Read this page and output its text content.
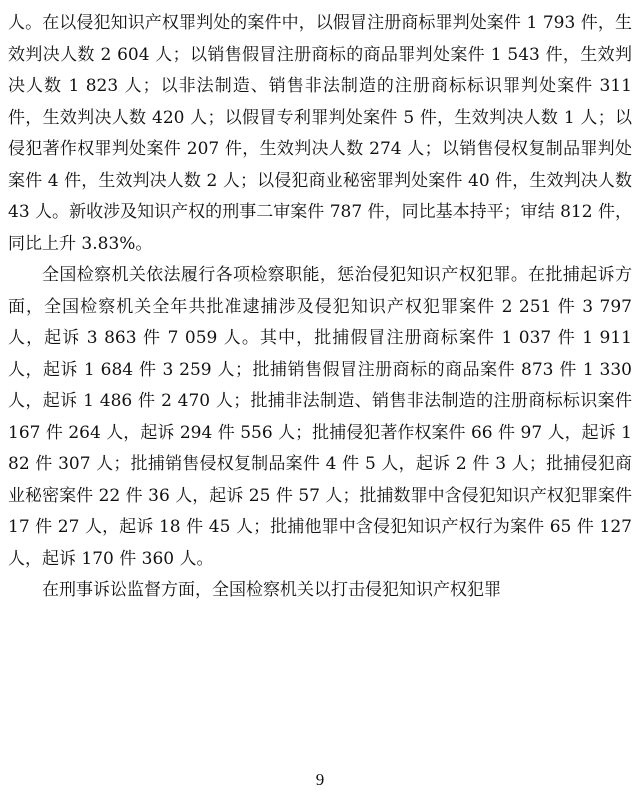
人。在以侵犯知识产权罪判处的案件中，以假冒注册商标罪判处案件 1 793 件，生效判决人数 2 604 人；以销售假冒注册商标的商品罪判处案件 1 543 件，生效判决人数 1 823 人；以非法制造、销售非法制造的注册商标标识罪判处案件 311 件，生效判决人数 420 人；以假冒专利罪判处案件 5 件，生效判决人数 1 人；以侵犯著作权罪判处案件 207 件，生效判决人数 274 人；以销售侵权复制品罪判处案件 4 件，生效判决人数 2 人；以侵犯商业秘密罪判处案件 40 件，生效判决人数 43 人。新收涉及知识产权的刑事二审案件 787 件，同比基本持平；审结 812 件，同比上升 3.83%。

全国检察机关依法履行各项检察职能，惩治侵犯知识产权犯罪。在批捕起诉方面，全国检察机关全年共批准逮捕涉及侵犯知识产权犯罪案件 2 251 件 3 797 人，起诉 3 863 件 7 059 人。其中，批捕假冒注册商标案件 1 037 件 1 911 人，起诉 1 684 件 3 259 人；批捕销售假冒注册商标的商品案件 873 件 1 330 人，起诉 1 486 件 2 470 人；批捕非法制造、销售非法制造的注册商标标识案件 167 件 264 人，起诉 294 件 556 人；批捕侵犯著作权案件 66 件 97 人，起诉 182 件 307 人；批捕销售侵权复制品案件 4 件 5 人，起诉 2 件 3 人；批捕侵犯商业秘密案件 22 件 36 人，起诉 25 件 57 人；批捕数罪中含侵犯知识产权犯罪案件 17 件 27 人，起诉 18 件 45 人；批捕他罪中含侵犯知识产权行为案件 65 件 127 人，起诉 170 件 360 人。

在刑事诉讼监督方面，全国检察机关以打击侵犯知识产权犯罪

9
